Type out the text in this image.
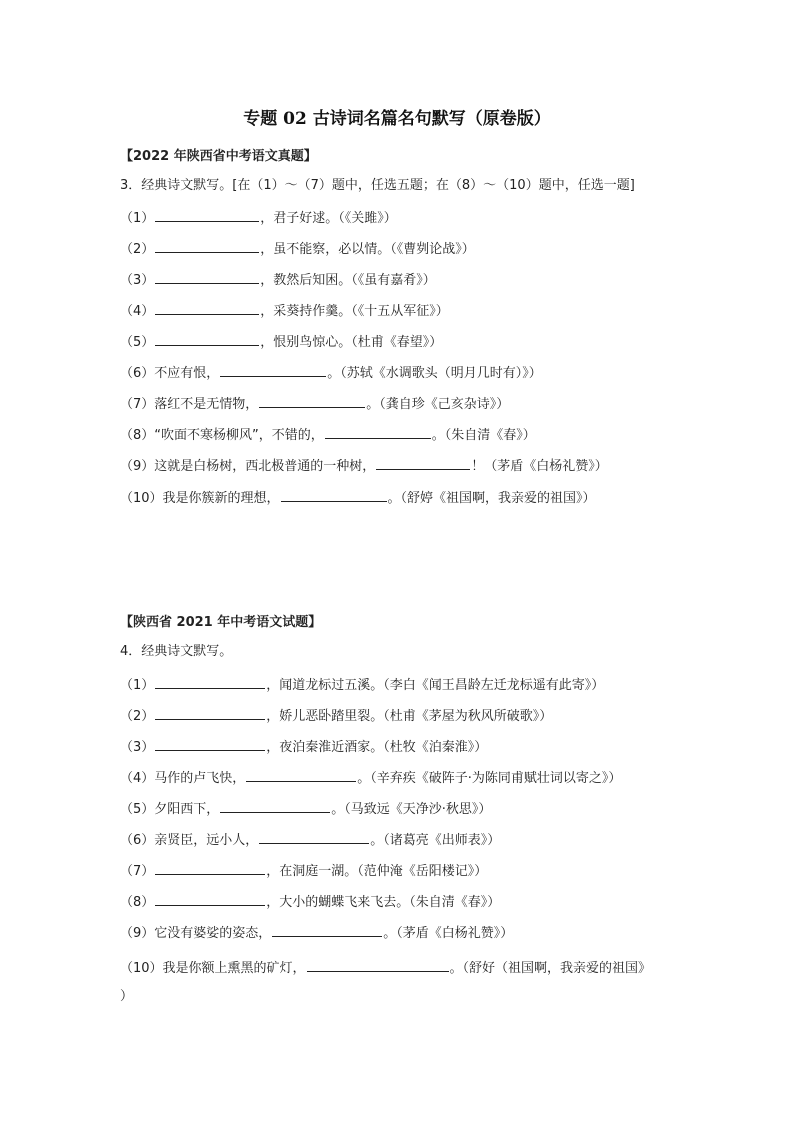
专题 02 古诗词名篇名句默写（原卷版）
【2022 年陕西省中考语文真题】
3．经典诗文默写。[在（1）～（7）题中，任选五题；在（8）～（10）题中，任选一题]
（1）	，君子好逑。（《关雎》）
（2）	，虽不能察，必以情。（《曹刿论战》）
（3）	，教然后知困。（《虽有嘉肴》）
（4）	，采葵持作羹。（《十五从军征》）
（5）	，恨别鸟惊心。（杜甫《春望》）
（6）不应有恨，	。（苏轼《水调歌头（明月几时有）》）
（7）落红不是无情物，	。（龚自珍《己亥杂诗》）
（8）“吹面不寒杨柳风”，不错的，	。（朱自清《春》）
（9）这就是白杨树，西北极普通的一种树，	！（茅盾《白杨礼赞》）
（10）我是你簇新的理想，	。（舒婷《祖国啊，我亲爱的祖国》）
【陕西省 2021 年中考语文试题】
4．经典诗文默写。
（1）	，闻道龙标过五溪。（李白《闻王昌龄左迁龙标遥有此寄》）
（2）	，娇儿恶卧踏里裂。（杜甫《茅屋为秋风所破歌》）
（3）	，夜泊秦淮近酒家。（杜牧《泊秦淮》）
（4）马作的卢飞快，	。（辛弃疾《破阵子·为陈同甫赋壮词以寄之》）
（5）夕阳西下，	。（马致远《天净沙·秋思》）
（6）亲贤臣，远小人，	。（诸葛亮《出师表》）
（7）	，在洞庭一湖。（范仲淹《岳阳楼记》）
（8）	，大小的蝴蝶飞来飞去。（朱自清《春》）
（9）它没有婆娑的姿态，	。（茅盾《白杨礼赞》）
（10）我是你额上熏黑的矿灯，	。（舒好（祖国啊，我亲爱的祖国》
）
